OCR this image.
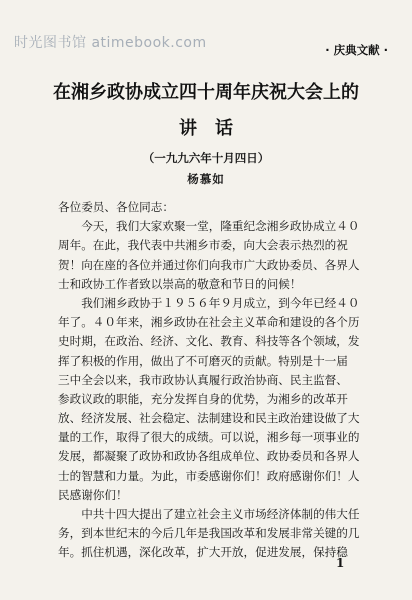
时光图书馆 atimebook.com	· 庆典文献 ·
在湘乡政协成立四十周年庆祝大会上的
讲话
（一九九六年十月四日）
杨慕如
各位委员、各位同志：
　　今天，我们大家欢聚一堂，隆重纪念湘乡政协成立４０
周年。在此，我代表中共湘乡市委，向大会表示热烈的祝
贺！向在座的各位并通过你们向我市广大政协委员、各界人
士和政协工作者致以崇高的敬意和节日的问候！
　　我们湘乡政协于１９５６年９月成立，到今年已经４０
年了。４０年来，湘乡政协在社会主义革命和建设的各个历
史时期，在政治、经济、文化、教育、科技等各个领域，发
挥了积极的作用，做出了不可磨灭的贡献。特别是十一届
三中全会以来，我市政协认真履行政治协商、民主监督、
参政议政的职能，充分发挥自身的优势，为湘乡的改革开
放、经济发展、社会稳定、法制建设和民主政治建设做了大
量的工作，取得了很大的成绩。可以说，湘乡每一项事业的
发展，都凝聚了政协和政协各组成单位、政协委员和各界人
士的智慧和力量。为此，市委感谢你们！政府感谢你们！人
民感谢你们！
　　中共十四大提出了建立社会主义市场经济体制的伟大任
务，到本世纪末的今后几年是我国改革和发展非常关键的几
年。抓住机遇，深化改革，扩大开放，促进发展，保持稳
1
